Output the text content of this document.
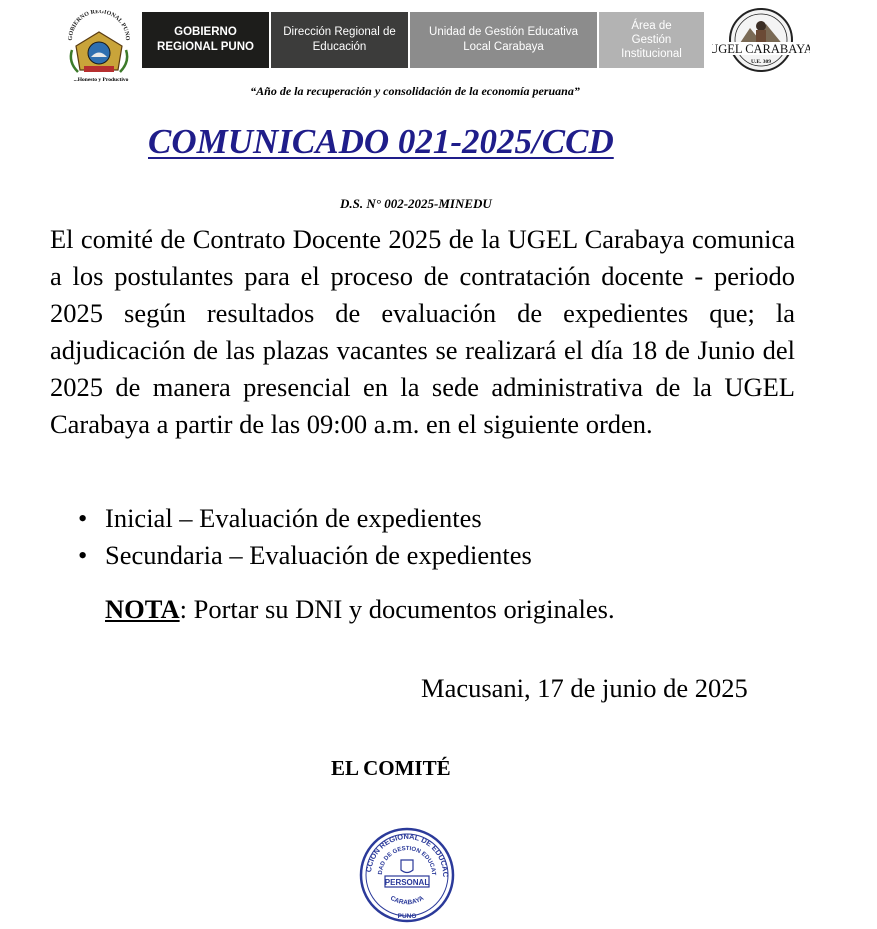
GOBIERNO REGIONAL PUNO
...Honesto y Productivo
GOBIERNO
REGIONAL PUNO
Dirección Regional de
Educación
Unidad de Gestión Educativa
Local Carabaya
Área de
Gestión
Institucional UGEL CARABAYA
U.E. 309
“Año de la recuperación y consolidación de la economía peruana”
COMUNICADO 021-2025/CCD
D.S. N° 002-2025-MINEDU
El comité de Contrato Docente 2025 de la UGEL Carabaya comunica a los postulantes para el proceso de contratación docente - periodo 2025 según resultados de evaluación de expedientes que; la adjudicación de las plazas vacantes se realizará el día 18 de Junio del 2025 de manera presencial en la sede administrativa de la UGEL Carabaya a partir de las 09:00 a.m. en el siguiente orden.
• Inicial – Evaluación de expedientes
• Secundaria – Evaluación de expedientes
NOTA: Portar su DNI y documentos originales.
Macusani, 17 de junio de 2025
EL COMITÉ
CCION REGIONAL DE EDUCAC
DAD DE GESTION EDUCAT
PERSONAL
CARABAYA
PUNO
